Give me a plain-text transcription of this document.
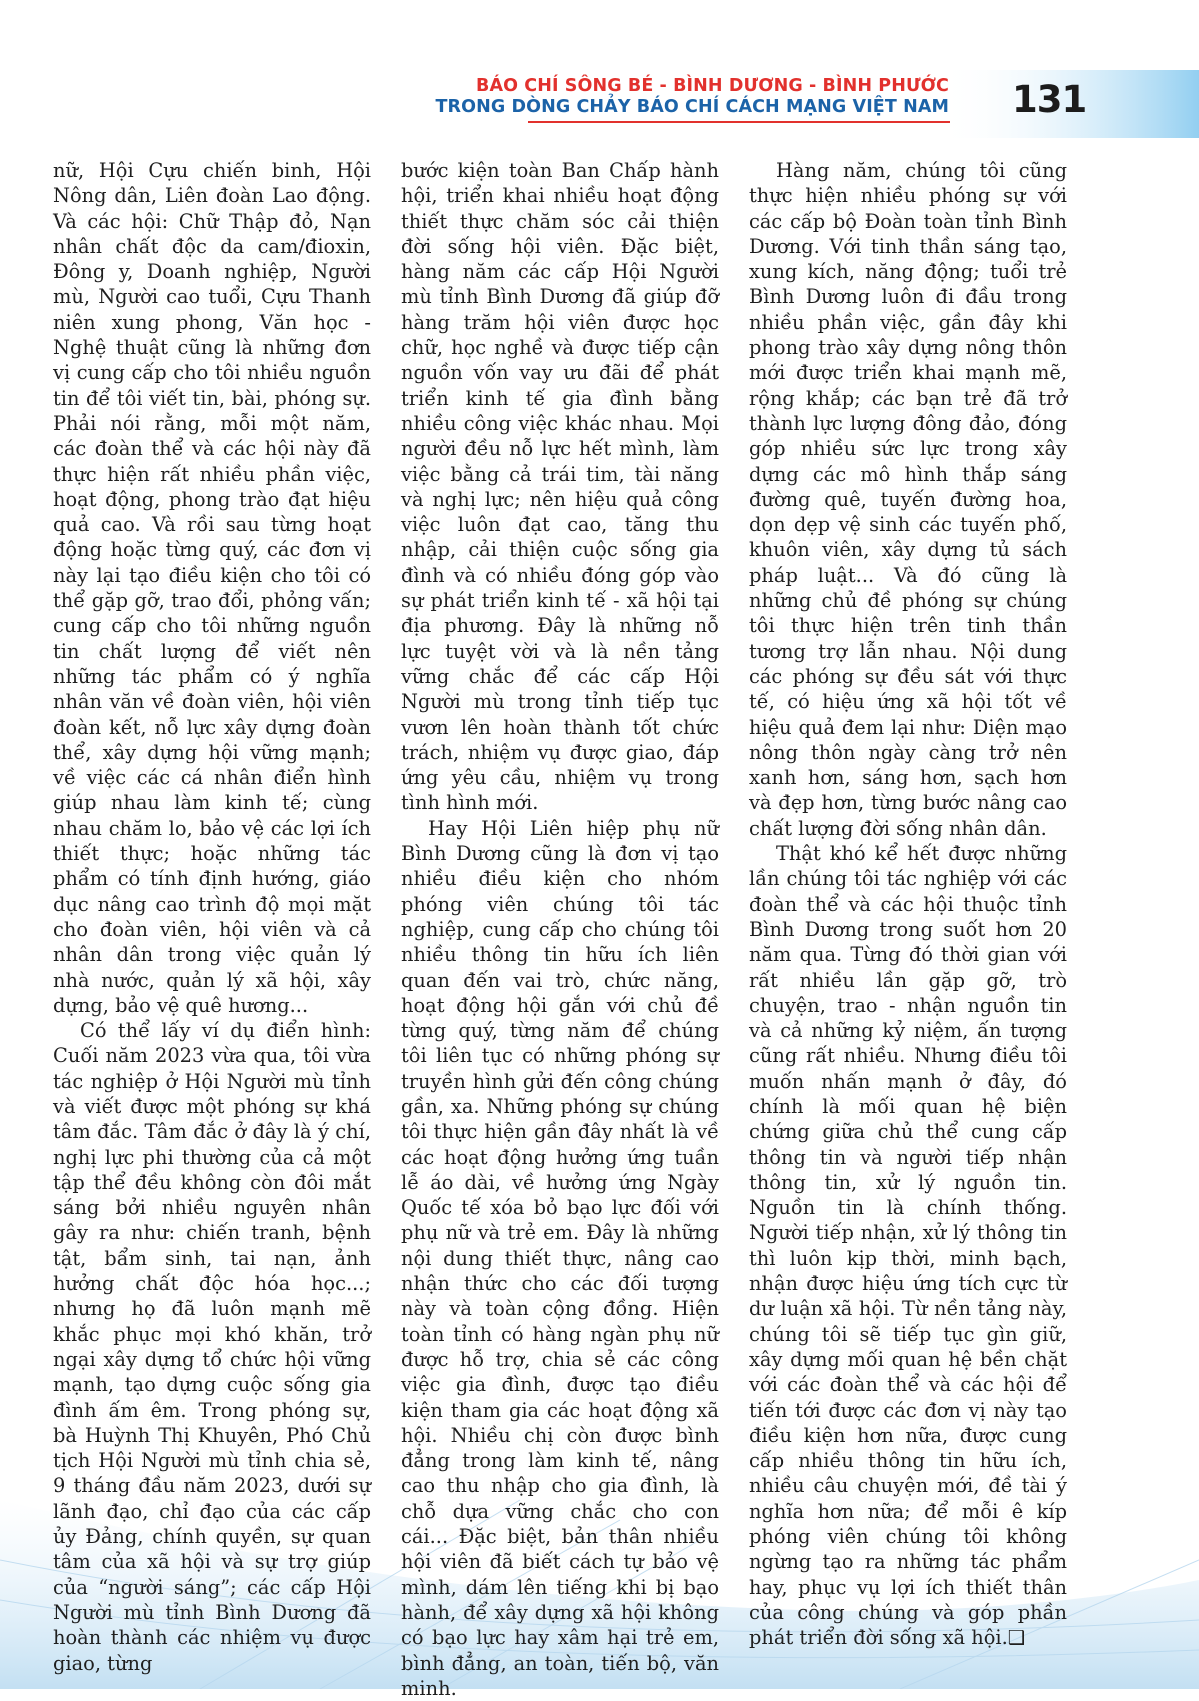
BÁO CHÍ SÔNG BÉ - BÌNH DƯƠNG - BÌNH PHƯỚC
TRONG DÒNG CHẢY BÁO CHÍ CÁCH MẠNG VIỆT NAM 131

nữ, Hội Cựu chiến binh, Hội Nông dân, Liên đoàn Lao động. Và các hội: Chữ Thập đỏ, Nạn nhân chất độc da cam/đioxin, Đông y, Doanh nghiệp, Người mù, Người cao tuổi, Cựu Thanh niên xung phong, Văn học - Nghệ thuật cũng là những đơn vị cung cấp cho tôi nhiều nguồn tin để tôi viết tin, bài, phóng sự. Phải nói rằng, mỗi một năm, các đoàn thể và các hội này đã thực hiện rất nhiều phần việc, hoạt động, phong trào đạt hiệu quả cao. Và rồi sau từng hoạt động hoặc từng quý, các đơn vị này lại tạo điều kiện cho tôi có thể gặp gỡ, trao đổi, phỏng vấn; cung cấp cho tôi những nguồn tin chất lượng để viết nên những tác phẩm có ý nghĩa nhân văn về đoàn viên, hội viên đoàn kết, nỗ lực xây dựng đoàn thể, xây dựng hội vững mạnh; về việc các cá nhân điển hình giúp nhau làm kinh tế; cùng nhau chăm lo, bảo vệ các lợi ích thiết thực; hoặc những tác phẩm có tính định hướng, giáo dục nâng cao trình độ mọi mặt cho đoàn viên, hội viên và cả nhân dân trong việc quản lý nhà nước, quản lý xã hội, xây dựng, bảo vệ quê hương...

Có thể lấy ví dụ điển hình: Cuối năm 2023 vừa qua, tôi vừa tác nghiệp ở Hội Người mù tỉnh và viết được một phóng sự khá tâm đắc. Tâm đắc ở đây là ý chí, nghị lực phi thường của cả một tập thể đều không còn đôi mắt sáng bởi nhiều nguyên nhân gây ra như: chiến tranh, bệnh tật, bẩm sinh, tai nạn, ảnh hưởng chất độc hóa học...; nhưng họ đã luôn mạnh mẽ khắc phục mọi khó khăn, trở ngại xây dựng tổ chức hội vững mạnh, tạo dựng cuộc sống gia đình ấm êm. Trong phóng sự, bà Huỳnh Thị Khuyên, Phó Chủ tịch Hội Người mù tỉnh chia sẻ, 9 tháng đầu năm 2023, dưới sự lãnh đạo, chỉ đạo của các cấp ủy Đảng, chính quyền, sự quan tâm của xã hội và sự trợ giúp của “người sáng”; các cấp Hội Người mù tỉnh Bình Dương đã hoàn thành các nhiệm vụ được giao, từng

bước kiện toàn Ban Chấp hành hội, triển khai nhiều hoạt động thiết thực chăm sóc cải thiện đời sống hội viên. Đặc biệt, hàng năm các cấp Hội Người mù tỉnh Bình Dương đã giúp đỡ hàng trăm hội viên được học chữ, học nghề và được tiếp cận nguồn vốn vay ưu đãi để phát triển kinh tế gia đình bằng nhiều công việc khác nhau. Mọi người đều nỗ lực hết mình, làm việc bằng cả trái tim, tài năng và nghị lực; nên hiệu quả công việc luôn đạt cao, tăng thu nhập, cải thiện cuộc sống gia đình và có nhiều đóng góp vào sự phát triển kinh tế - xã hội tại địa phương. Đây là những nỗ lực tuyệt vời và là nền tảng vững chắc để các cấp Hội Người mù trong tỉnh tiếp tục vươn lên hoàn thành tốt chức trách, nhiệm vụ được giao, đáp ứng yêu cầu, nhiệm vụ trong tình hình mới.

Hay Hội Liên hiệp phụ nữ Bình Dương cũng là đơn vị tạo nhiều điều kiện cho nhóm phóng viên chúng tôi tác nghiệp, cung cấp cho chúng tôi nhiều thông tin hữu ích liên quan đến vai trò, chức năng, hoạt động hội gắn với chủ đề từng quý, từng năm để chúng tôi liên tục có những phóng sự truyền hình gửi đến công chúng gần, xa. Những phóng sự chúng tôi thực hiện gần đây nhất là về các hoạt động hưởng ứng tuần lễ áo dài, về hưởng ứng Ngày Quốc tế xóa bỏ bạo lực đối với phụ nữ và trẻ em. Đây là những nội dung thiết thực, nâng cao nhận thức cho các đối tượng này và toàn cộng đồng. Hiện toàn tỉnh có hàng ngàn phụ nữ được hỗ trợ, chia sẻ các công việc gia đình, được tạo điều kiện tham gia các hoạt động xã hội. Nhiều chị còn được bình đẳng trong làm kinh tế, nâng cao thu nhập cho gia đình, là chỗ dựa vững chắc cho con cái... Đặc biệt, bản thân nhiều hội viên đã biết cách tự bảo vệ mình, dám lên tiếng khi bị bạo hành, để xây dựng xã hội không có bạo lực hay xâm hại trẻ em, bình đẳng, an toàn, tiến bộ, văn minh.

Hàng năm, chúng tôi cũng thực hiện nhiều phóng sự với các cấp bộ Đoàn toàn tỉnh Bình Dương. Với tinh thần sáng tạo, xung kích, năng động; tuổi trẻ Bình Dương luôn đi đầu trong nhiều phần việc, gần đây khi phong trào xây dựng nông thôn mới được triển khai mạnh mẽ, rộng khắp; các bạn trẻ đã trở thành lực lượng đông đảo, đóng góp nhiều sức lực trong xây dựng các mô hình thắp sáng đường quê, tuyến đường hoa, dọn dẹp vệ sinh các tuyến phố, khuôn viên, xây dựng tủ sách pháp luật... Và đó cũng là những chủ đề phóng sự chúng tôi thực hiện trên tinh thần tương trợ lẫn nhau. Nội dung các phóng sự đều sát với thực tế, có hiệu ứng xã hội tốt về hiệu quả đem lại như: Diện mạo nông thôn ngày càng trở nên xanh hơn, sáng hơn, sạch hơn và đẹp hơn, từng bước nâng cao chất lượng đời sống nhân dân.

Thật khó kể hết được những lần chúng tôi tác nghiệp với các đoàn thể và các hội thuộc tỉnh Bình Dương trong suốt hơn 20 năm qua. Từng đó thời gian với rất nhiều lần gặp gỡ, trò chuyện, trao - nhận nguồn tin và cả những kỷ niệm, ấn tượng cũng rất nhiều. Nhưng điều tôi muốn nhấn mạnh ở đây, đó chính là mối quan hệ biện chứng giữa chủ thể cung cấp thông tin và người tiếp nhận thông tin, xử lý nguồn tin. Nguồn tin là chính thống. Người tiếp nhận, xử lý thông tin thì luôn kịp thời, minh bạch, nhận được hiệu ứng tích cực từ dư luận xã hội. Từ nền tảng này, chúng tôi sẽ tiếp tục gìn giữ, xây dựng mối quan hệ bền chặt với các đoàn thể và các hội để tiến tới được các đơn vị này tạo điều kiện hơn nữa, được cung cấp nhiều thông tin hữu ích, nhiều câu chuyện mới, đề tài ý nghĩa hơn nữa; để mỗi ê kíp phóng viên chúng tôi không ngừng tạo ra những tác phẩm hay, phục vụ lợi ích thiết thân của công chúng và góp phần phát triển đời sống xã hội.❑
